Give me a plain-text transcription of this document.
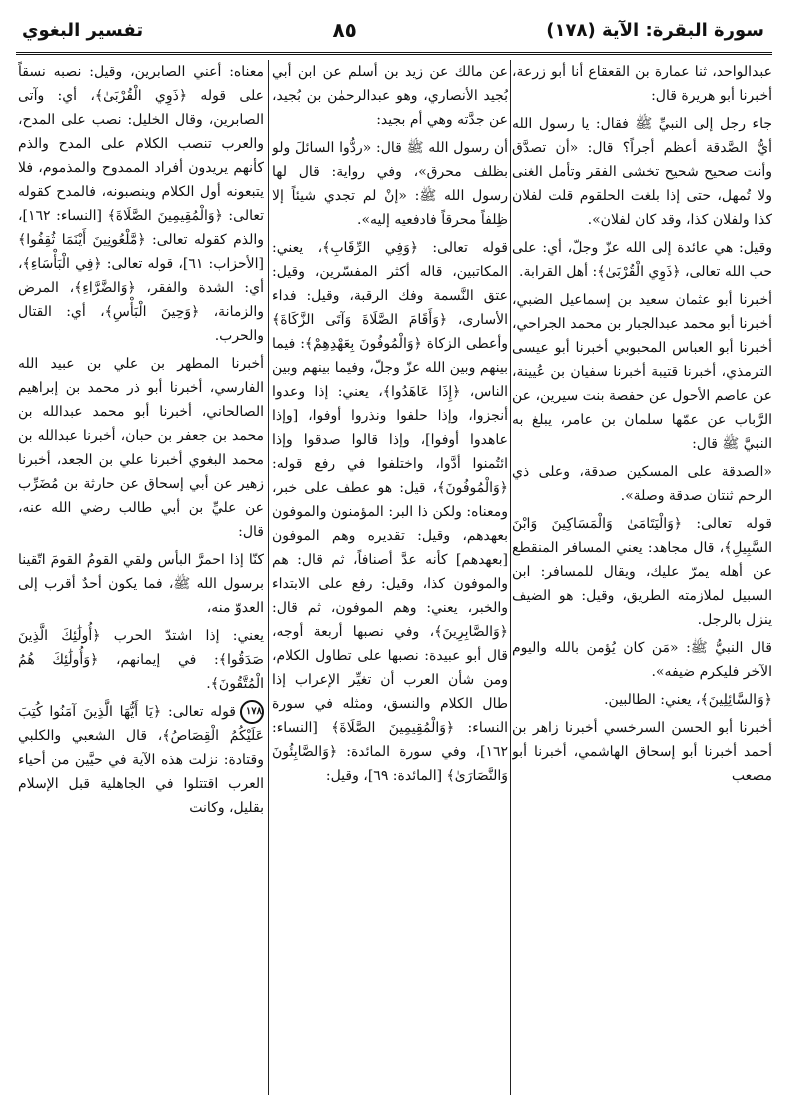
سورة البقرة: الآية (١٧٨)
٨٥
تفسير البغوي

عبدالواحد، ثنا عمارة بن القعقاع أنا أبو زرعة، أخبرنا أبو هريرة قال:

جاء رجل إلى النبيِّ ﷺ فقال: يا رسول الله أيُّ الصَّدقة أعظم أجراً؟ قال: «أن تصدَّق وأنت صحيح شحيح تخشى الفقر وتأمل الغنى ولا تُمهل، حتى إذا بلغت الحلقوم قلت لفلان كذا ولفلان كذا، وقد كان لفلان».

وقيل: هي عائدة إلى الله عزّ وجلّ، أي: على حب الله تعالى، ﴿ذَوِي الْقُرْبَىٰ﴾: أهل القرابة.

أخبرنا أبو عثمان سعيد بن إسماعيل الضبي، أخبرنا أبو محمد عبدالجبار بن محمد الجراحي، أخبرنا أبو العباس المحبوبي أخبرنا أبو عيسى الترمذي، أخبرنا قتيبة أخبرنا سفيان بن عُيينة، عن عاصم الأحول عن حفصة بنت سيرين، عن الرَّباب عن عمّها سلمان بن عامر، يبلغ به النبيَّ ﷺ قال:

«الصدقة على المسكين صدقة، وعلى ذي الرحم ثنتان صدقة وصلة».

قوله تعالى: ﴿وَالْيَتَامَىٰ وَالْمَسَاكِينَ وَابْنَ السَّبِيلِ﴾، قال مجاهد: يعني المسافر المنقطع عن أهله يمرّ عليك، ويقال للمسافر: ابن السبيل لملازمته الطريق، وقيل: هو الضيف ينزل بالرجل.

قال النبيُّ ﷺ: «مَن كان يُؤمن بالله واليوم الآخر فليكرم ضيفه».

﴿وَالسَّائِلِينَ﴾، يعني: الطالبين.

أخبرنا أبو الحسن السرخسي أخبرنا زاهر بن أحمد أخبرنا أبو إسحاق الهاشمي، أخبرنا أبو مصعب

عن مالك عن زيد بن أسلم عن ابن أبي بُجيد الأنصاري، وهو عبدالرحمٰن بن بُجيد، عن جدَّته وهي أم بجيد:

أن رسول الله ﷺ قال: «ردُّوا السائلَ ولو بظلف محرق»، وفي رواية: قال لها رسول الله ﷺ: «إنْ لم تجدي شيئاً إلا ظِلفاً محرقاً فادفعيه إليه».

قوله تعالى: ﴿وَفِي الرِّقَابِ﴾، يعني: المكاتبين، قاله أكثر المفسّرين، وقيل: عتق النَّسمة وفك الرقبة، وقيل: فداء الأسارى، ﴿وَأَقَامَ الصَّلَاةَ وَآتَى الزَّكَاةَ﴾ وأعطى الزكاة ﴿وَالْمُوفُونَ بِعَهْدِهِمْ﴾: فيما بينهم وبين الله عزّ وجلّ، وفيما بينهم وبين الناس، ﴿إِذَا عَاهَدُوا﴾، يعني: إذا وعدوا أنجزوا، وإذا حلفوا ونذروا أوفوا، [وإذا عاهدوا أوفوا]، وإذا قالوا صدقوا وإذا ائتُمنوا أدَّوا، واختلفوا في رفع قوله: ﴿وَالْمُوفُونَ﴾، قيل: هو عطف على خبر، ومعناه: ولكن ذا البر: المؤمنون والموفون بعهدهم، وقيل: تقديره وهم الموفون [بعهدهم] كأنه عدَّ أصنافاً، ثم قال: هم والموفون كذا، وقيل: رفع على الابتداء والخبر، يعني: وهم الموفون، ثم قال: ﴿وَالصَّابِرِينَ﴾، وفي نصبها أربعة أوجه، قال أبو عبيدة: نصبها على تطاول الكلام، ومن شأن العرب أن تغيِّر الإعراب إذا طال الكلام والنسق، ومثله في سورة النساء: ﴿وَالْمُقِيمِينَ الصَّلَاةَ﴾ [النساء: ١٦٢]، وفي سورة المائدة: ﴿وَالصَّابِئُونَ وَالنَّصَارَىٰ﴾ [المائدة: ٦٩]، وقيل:

معناه: أعني الصابرين، وقيل: نصبه نسقاً على قوله ﴿ذَوِي الْقُرْبَىٰ﴾، أي: وآتى الصابرين، وقال الخليل: نصب على المدح، والعرب تنصب الكلام على المدح والذم كأنهم يريدون أفراد الممدوح والمذموم، فلا يتبعونه أول الكلام وينصبونه، فالمدح كقوله تعالى: ﴿وَالْمُقِيمِينَ الصَّلَاةَ﴾ [النساء: ١٦٢]، والذم كقوله تعالى: ﴿مَّلْعُونِينَ أَيْنَمَا ثُقِفُوا﴾ [الأحزاب: ٦١]، قوله تعالى: ﴿فِي الْبَأْسَاءِ﴾، أي: الشدة والفقر، ﴿وَالضَّرَّاءِ﴾، المرض والزمانة، ﴿وَحِينَ الْبَأْسِ﴾، أي: القتال والحرب.

أخبرنا المطهر بن علي بن عبيد الله الفارسي، أخبرنا أبو ذر محمد بن إبراهيم الصالحاني، أخبرنا أبو محمد عبدالله بن محمد بن جعفر بن حبان، أخبرنا عبدالله بن محمد البغوي أخبرنا علي بن الجعد، أخبرنا زهير عن أبي إسحاق عن حارثة بن مُضَرِّب عن عليِّ بن أبي طالب رضي الله عنه، قال:

كنّا إذا احمرَّ البأس ولقي القومُ القومَ اتّقينا برسول الله ﷺ، فما يكون أحدٌ أقرب إلى العدوّ منه،

يعني: إذا اشتدّ الحرب ﴿أُولَٰئِكَ الَّذِينَ صَدَقُوا﴾: في إيمانهم، ﴿وَأُولَٰئِكَ هُمُ الْمُتَّقُونَ﴾.

١٧٨قوله تعالى: ﴿يَا أَيُّهَا الَّذِينَ آمَنُوا كُتِبَ عَلَيْكُمُ الْقِصَاصُ﴾، قال الشعبي والكلبي وقتادة: نزلت هذه الآية في حيَّين من أحياء العرب اقتتلوا في الجاهلية قبل الإسلام بقليل، وكانت
